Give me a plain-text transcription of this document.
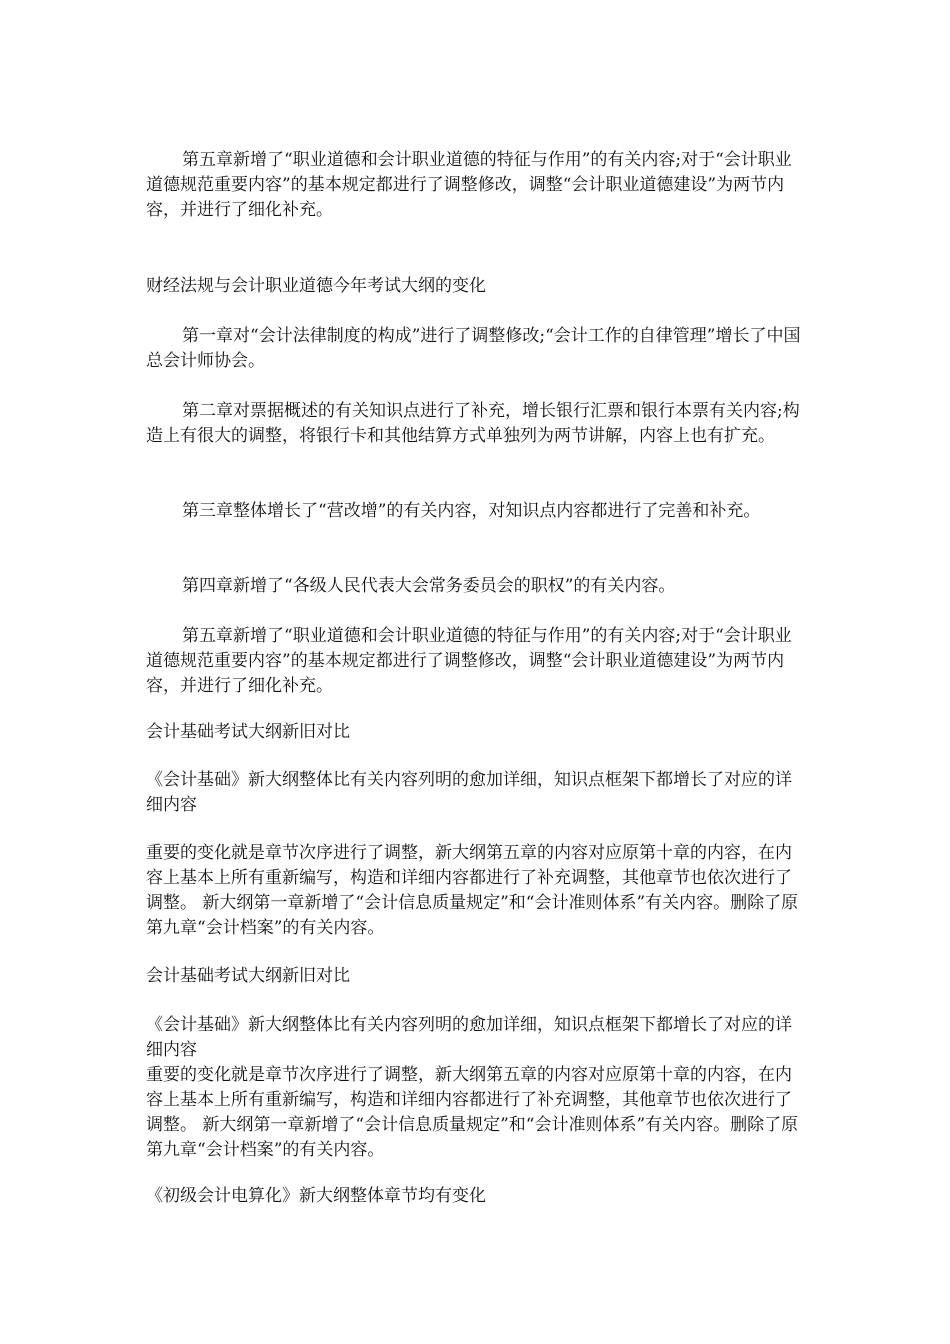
第五章新增了“职业道德和会计职业道德的特征与作用”的有关内容;对于“会计职业道德规范重要内容”的基本规定都进行了调整修改，调整“会计职业道德建设”为两节内容，并进行了细化补充。

财经法规与会计职业道德今年考试大纲的变化

第一章对“会计法律制度的构成”进行了调整修改;“会计工作的自律管理”增长了中国总会计师协会。

第二章对票据概述的有关知识点进行了补充，增长银行汇票和银行本票有关内容;构造上有很大的调整，将银行卡和其他结算方式单独列为两节讲解，内容上也有扩充。

第三章整体增长了“营改增”的有关内容，对知识点内容都进行了完善和补充。

第四章新增了“各级人民代表大会常务委员会的职权”的有关内容。

第五章新增了“职业道德和会计职业道德的特征与作用”的有关内容;对于“会计职业道德规范重要内容”的基本规定都进行了调整修改，调整“会计职业道德建设”为两节内容，并进行了细化补充。

会计基础考试大纲新旧对比

《会计基础》新大纲整体比有关内容列明的愈加详细，知识点框架下都增长了对应的详细内容

重要的变化就是章节次序进行了调整，新大纲第五章的内容对应原第十章的内容，在内容上基本上所有重新编写，构造和详细内容都进行了补充调整，其他章节也依次进行了调整。 新大纲第一章新增了“会计信息质量规定”和“会计准则体系”有关内容。删除了原第九章“会计档案”的有关内容。

会计基础考试大纲新旧对比

《会计基础》新大纲整体比有关内容列明的愈加详细，知识点框架下都增长了对应的详细内容

重要的变化就是章节次序进行了调整，新大纲第五章的内容对应原第十章的内容，在内容上基本上所有重新编写，构造和详细内容都进行了补充调整，其他章节也依次进行了调整。 新大纲第一章新增了“会计信息质量规定”和“会计准则体系”有关内容。删除了原第九章“会计档案”的有关内容。

《初级会计电算化》新大纲整体章节均有变化
